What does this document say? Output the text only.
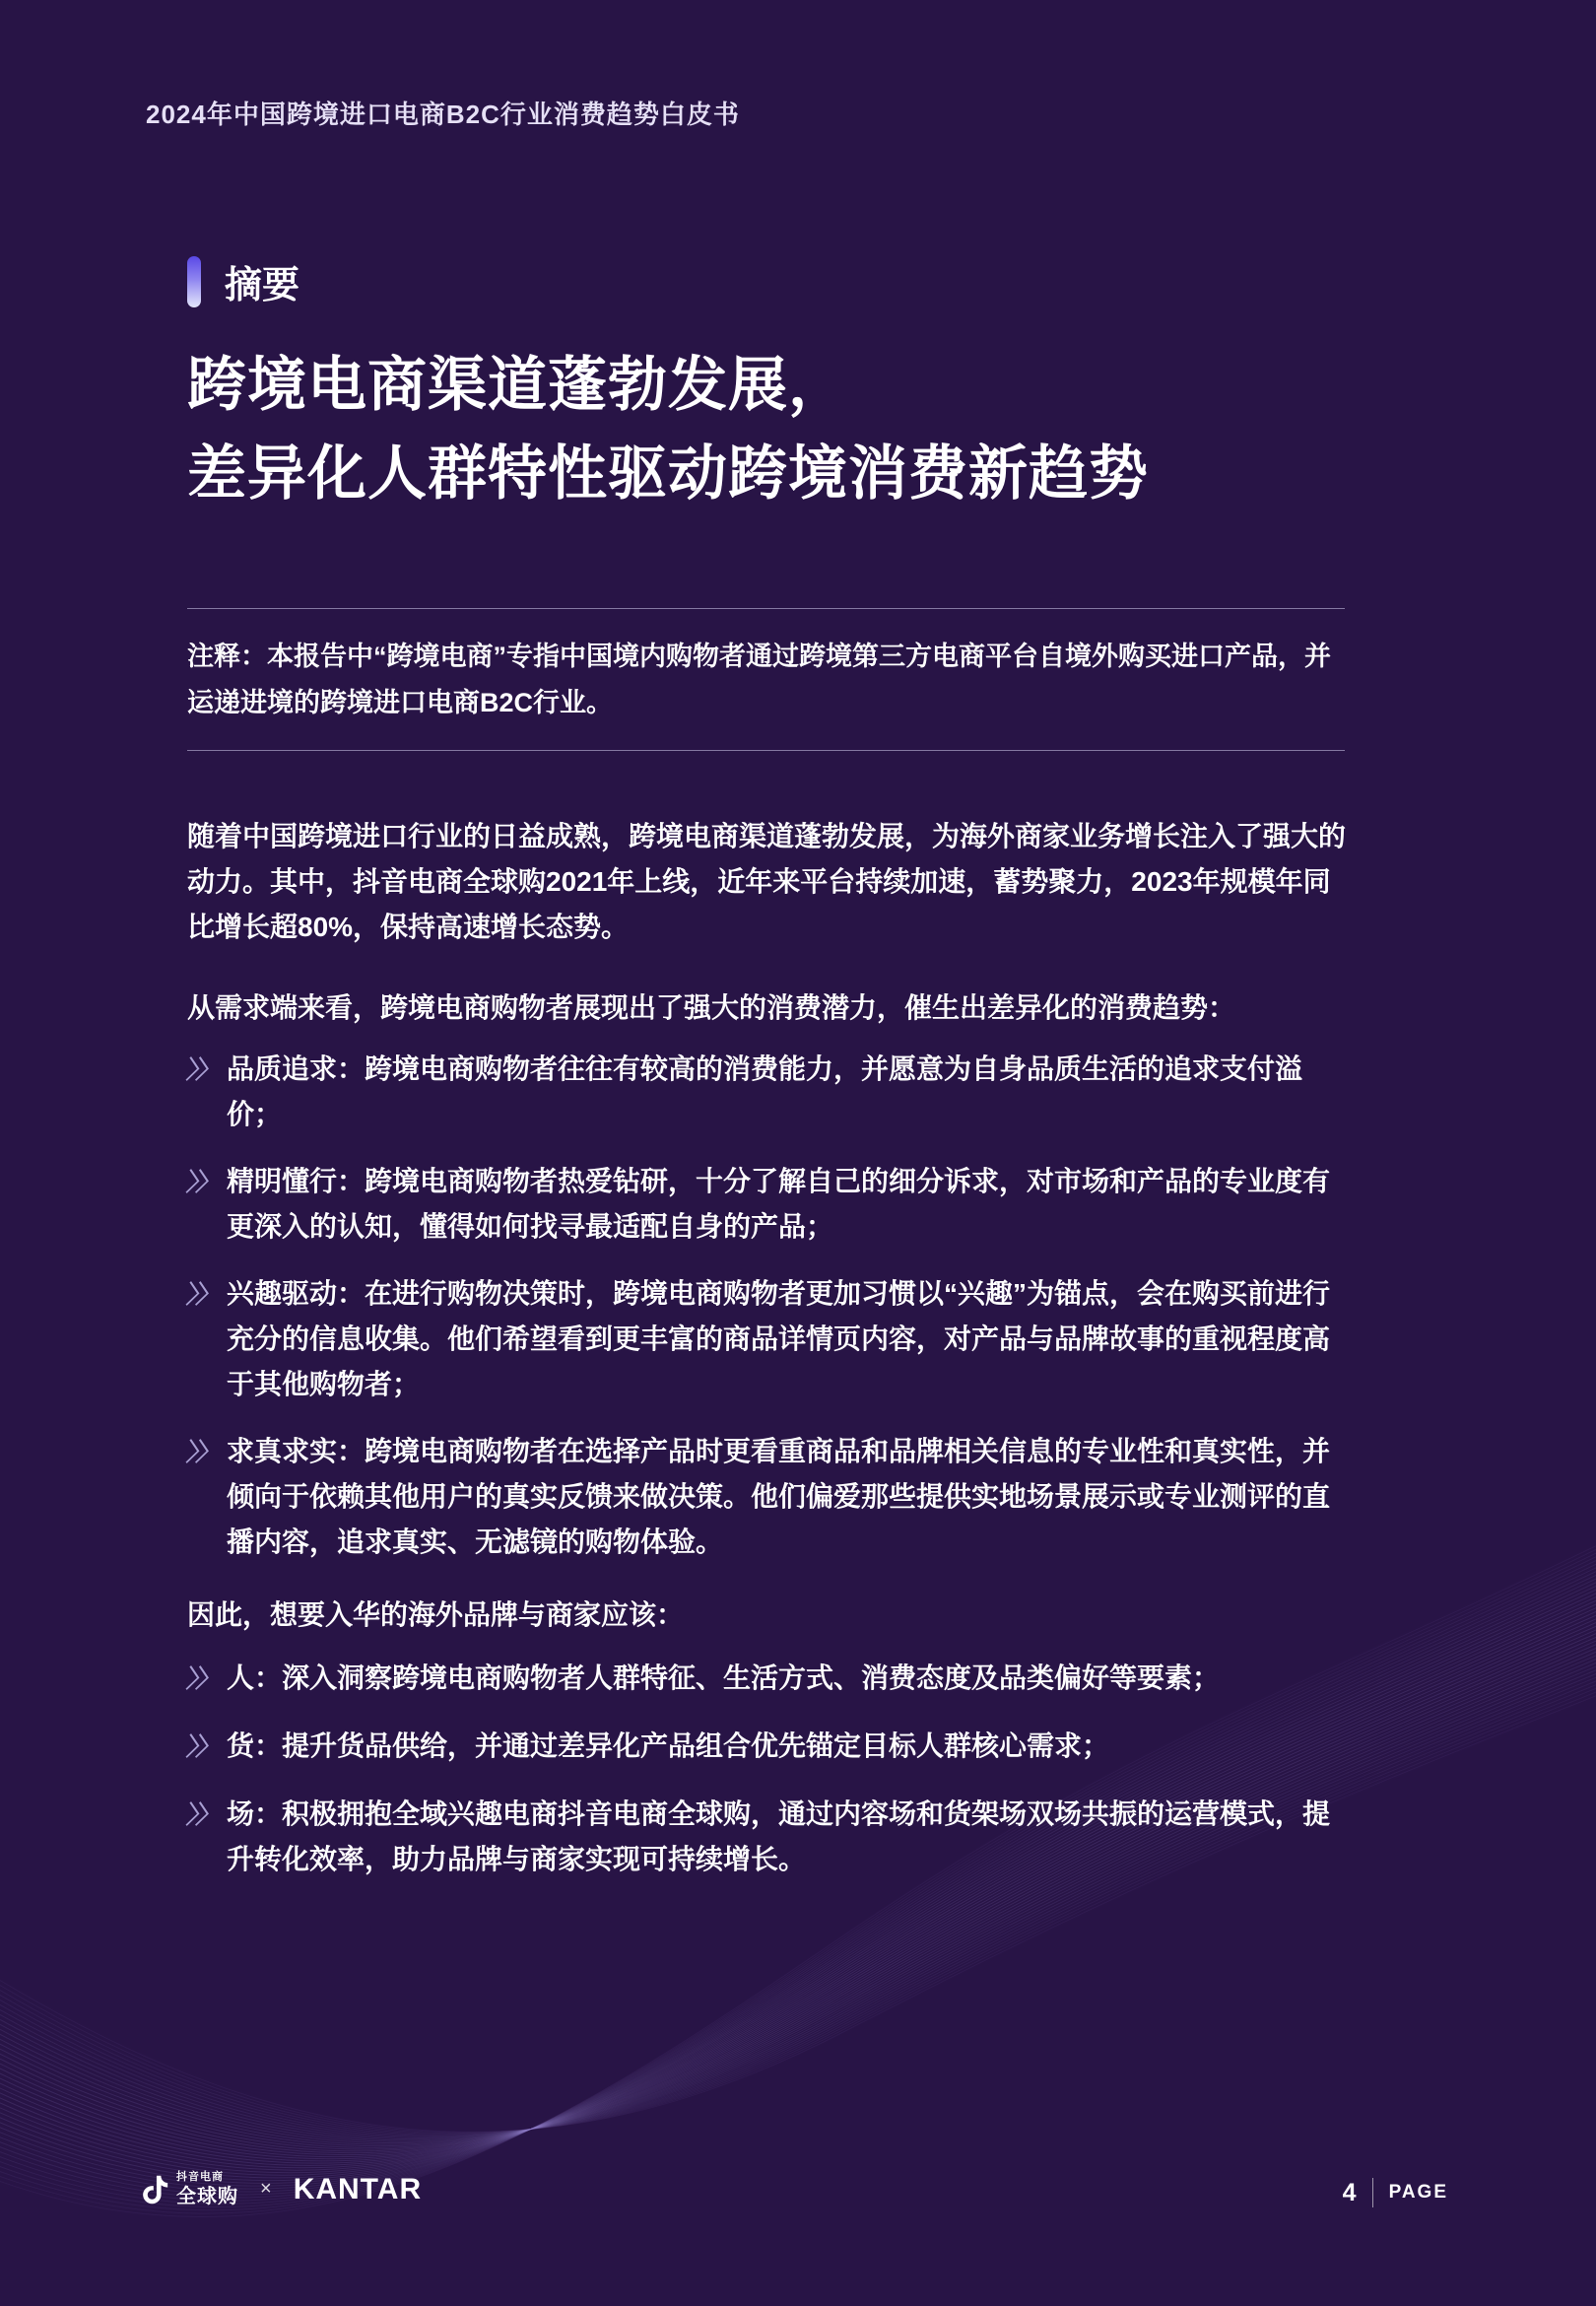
2024年中国跨境进口电商B2C行业消费趋势白皮书
摘要
跨境电商渠道蓬勃发展，
差异化人群特性驱动跨境消费新趋势

注释：本报告中“跨境电商”专指中国境内购物者通过跨境第三方电商平台自境外购买进口产品，并运递进境的跨境进口电商B2C行业。

随着中国跨境进口行业的日益成熟，跨境电商渠道蓬勃发展，为海外商家业务增长注入了强大的动力。其中，抖音电商全球购2021年上线，近年来平台持续加速，蓄势聚力，2023年规模年同比增长超80%，保持高速增长态势。

从需求端来看，跨境电商购物者展现出了强大的消费潜力，催生出差异化的消费趋势：

〉〉 品质追求：跨境电商购物者往往有较高的消费能力，并愿意为自身品质生活的追求支付溢价；
〉〉 精明懂行：跨境电商购物者热爱钻研，十分了解自己的细分诉求，对市场和产品的专业度有更深入的认知，懂得如何找寻最适配自身的产品；
〉〉 兴趣驱动：在进行购物决策时，跨境电商购物者更加习惯以“兴趣”为锚点，会在购买前进行充分的信息收集。他们希望看到更丰富的商品详情页内容，对产品与品牌故事的重视程度高于其他购物者；
〉〉 求真求实：跨境电商购物者在选择产品时更看重商品和品牌相关信息的专业性和真实性，并倾向于依赖其他用户的真实反馈来做决策。他们偏爱那些提供实地场景展示或专业测评的直播内容，追求真实、无滤镜的购物体验。

因此，想要入华的海外品牌与商家应该：

〉〉 人：深入洞察跨境电商购物者人群特征、生活方式、消费态度及品类偏好等要素；
〉〉 货：提升货品供给，并通过差异化产品组合优先锚定目标人群核心需求；
〉〉 场：积极拥抱全域兴趣电商抖音电商全球购，通过内容场和货架场双场共振的运营模式，提升转化效率，助力品牌与商家实现可持续增长。
抖音电商
全球购 × KANTAR	4 PAGE
